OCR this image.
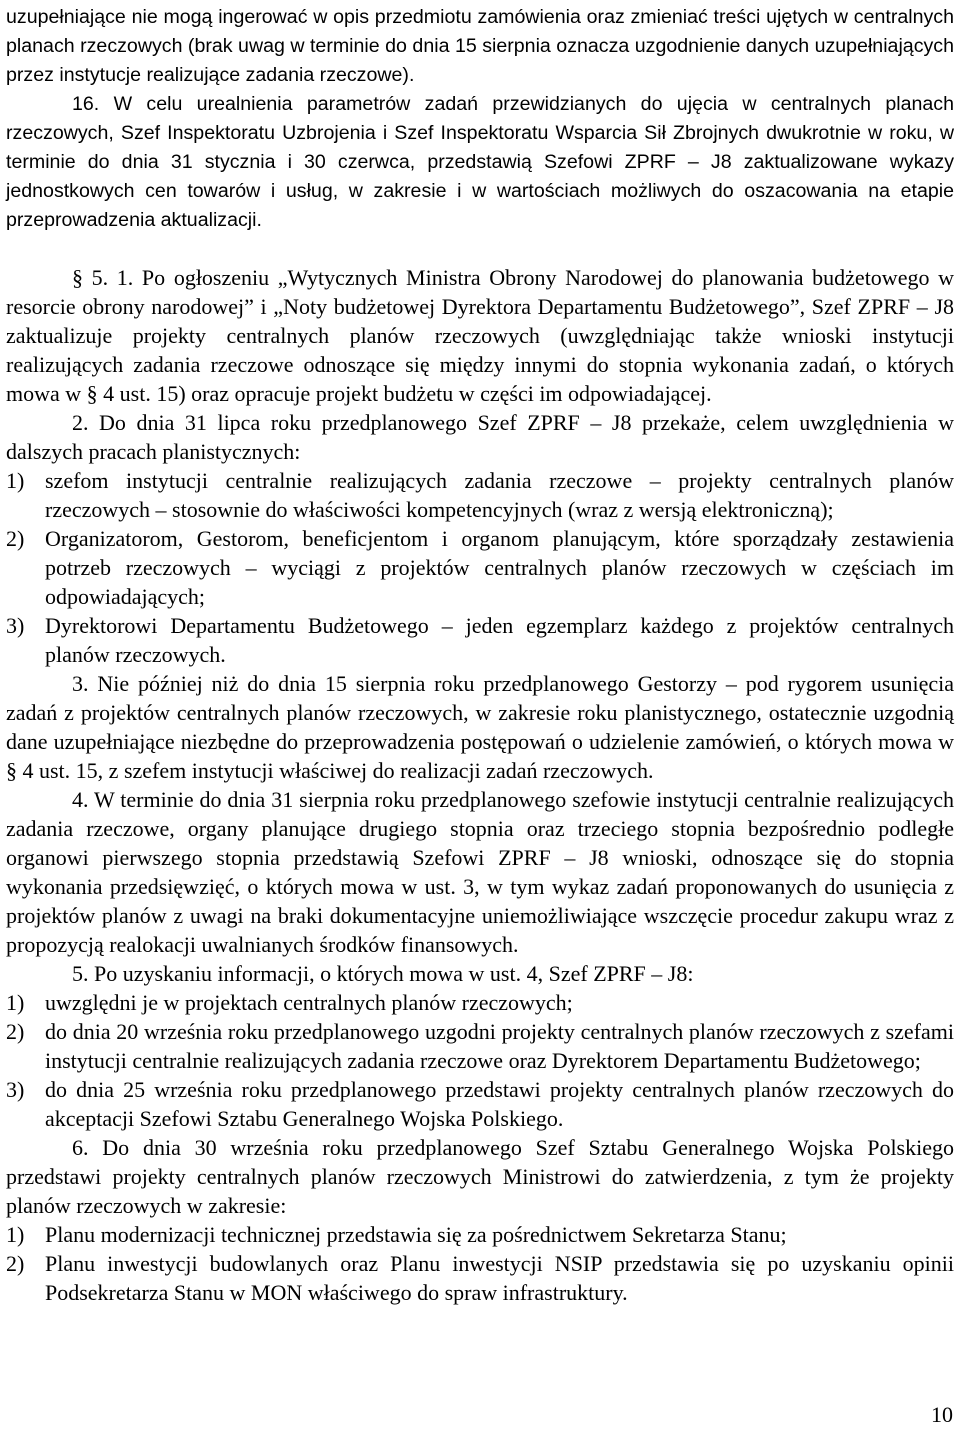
uzupełniające nie mogą ingerować w opis przedmiotu zamówienia oraz zmieniać treści ujętych w centralnych planach rzeczowych (brak uwag w terminie do dnia 15 sierpnia oznacza uzgodnienie danych uzupełniających przez instytucje realizujące zadania rzeczowe).

16. W celu urealnienia parametrów zadań przewidzianych do ujęcia w centralnych planach rzeczowych, Szef Inspektoratu Uzbrojenia i Szef Inspektoratu Wsparcia Sił Zbrojnych dwukrotnie w roku, w terminie do dnia 31 stycznia i 30 czerwca, przedstawią Szefowi ZPRF – J8 zaktualizowane wykazy jednostkowych cen towarów i usług, w zakresie i w wartościach możliwych do oszacowania na etapie przeprowadzenia aktualizacji.

§ 5. 1. Po ogłoszeniu „Wytycznych Ministra Obrony Narodowej do planowania budżetowego w resorcie obrony narodowej” i „Noty budżetowej Dyrektora Departamentu Budżetowego”, Szef ZPRF – J8 zaktualizuje projekty centralnych planów rzeczowych (uwzględniając także wnioski instytucji realizujących zadania rzeczowe odnoszące się między innymi do stopnia wykonania zadań, o których mowa w § 4 ust. 15) oraz opracuje projekt budżetu w części im odpowiadającej.

2. Do dnia 31 lipca roku przedplanowego Szef ZPRF – J8 przekaże, celem uwzględnienia w dalszych pracach planistycznych:

1) szefom instytucji centralnie realizujących zadania rzeczowe – projekty centralnych planów rzeczowych – stosownie do właściwości kompetencyjnych (wraz z wersją elektroniczną);
2) Organizatorom, Gestorom, beneficjentom i organom planującym, które sporządzały zestawienia potrzeb rzeczowych – wyciągi z projektów centralnych planów rzeczowych w częściach im odpowiadających;
3) Dyrektorowi Departamentu Budżetowego – jeden egzemplarz każdego z projektów centralnych planów rzeczowych.

3. Nie później niż do dnia 15 sierpnia roku przedplanowego Gestorzy – pod rygorem usunięcia zadań z projektów centralnych planów rzeczowych, w zakresie roku planistycznego, ostatecznie uzgodnią dane uzupełniające niezbędne do przeprowadzenia postępowań o udzielenie zamówień, o których mowa w § 4 ust. 15, z szefem instytucji właściwej do realizacji zadań rzeczowych.

4. W terminie do dnia 31 sierpnia roku przedplanowego szefowie instytucji centralnie realizujących zadania rzeczowe, organy planujące drugiego stopnia oraz trzeciego stopnia bezpośrednio podległe organowi pierwszego stopnia przedstawią Szefowi ZPRF – J8 wnioski, odnoszące się do stopnia wykonania przedsięwzięć, o których mowa w ust. 3, w tym wykaz zadań proponowanych do usunięcia z projektów planów z uwagi na braki dokumentacyjne uniemożliwiające wszczęcie procedur zakupu wraz z propozycją realokacji uwalnianych środków finansowych.

5. Po uzyskaniu informacji, o których mowa w ust. 4, Szef ZPRF – J8:

1) uwzględni je w projektach centralnych planów rzeczowych;
2) do dnia 20 września roku przedplanowego uzgodni projekty centralnych planów rzeczowych z szefami instytucji centralnie realizujących zadania rzeczowe oraz Dyrektorem Departamentu Budżetowego;
3) do dnia 25 września roku przedplanowego przedstawi projekty centralnych planów rzeczowych do akceptacji Szefowi Sztabu Generalnego Wojska Polskiego.

6. Do dnia 30 września roku przedplanowego Szef Sztabu Generalnego Wojska Polskiego przedstawi projekty centralnych planów rzeczowych Ministrowi do zatwierdzenia, z tym że projekty planów rzeczowych w zakresie:

1) Planu modernizacji technicznej przedstawia się za pośrednictwem Sekretarza Stanu;
2) Planu inwestycji budowlanych oraz Planu inwestycji NSIP przedstawia się po uzyskaniu opinii Podsekretarza Stanu w MON właściwego do spraw infrastruktury.
10
